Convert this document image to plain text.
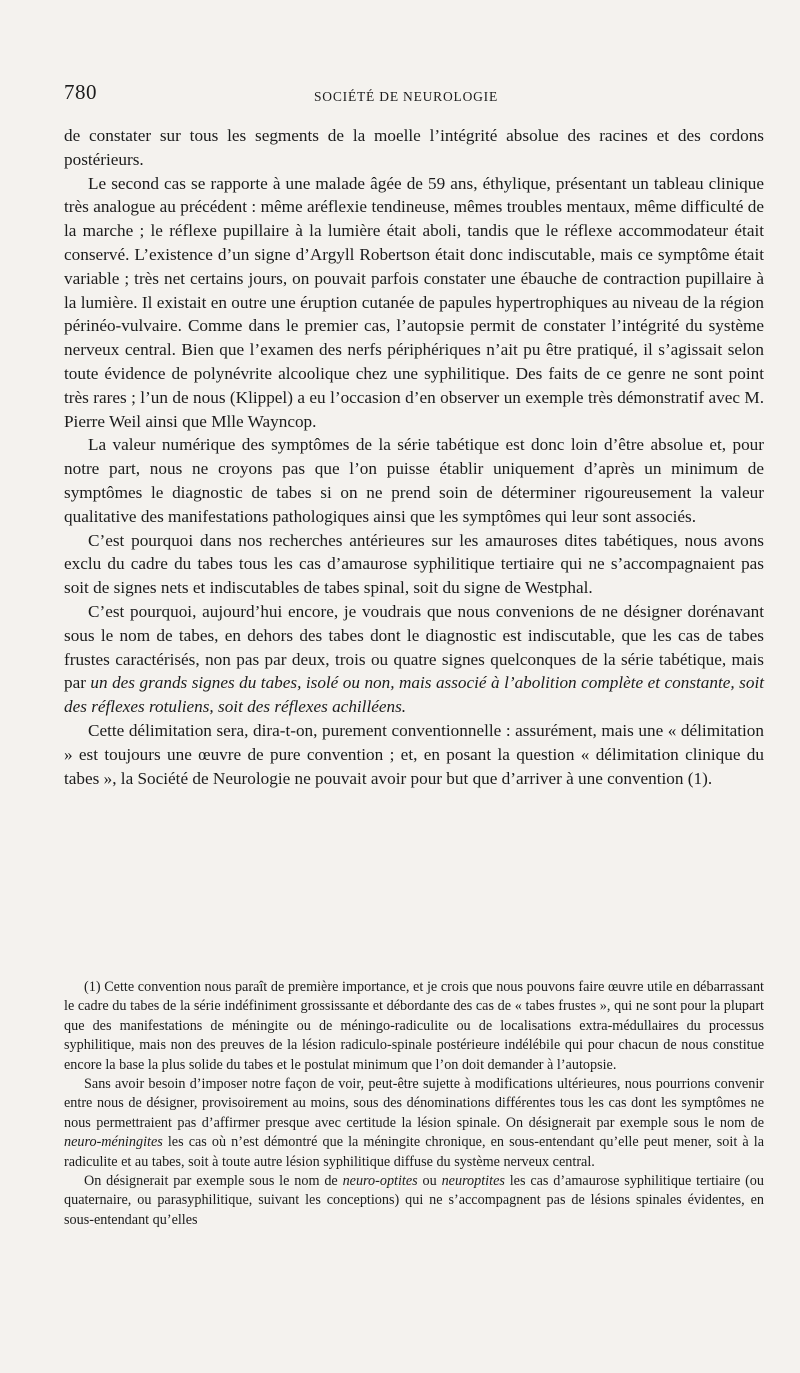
780	SOCIÉTÉ DE NEUROLOGIE

de constater sur tous les segments de la moelle l’intégrité absolue des racines et des cordons postérieurs.

Le second cas se rapporte à une malade âgée de 59 ans, éthylique, présentant un tableau clinique très analogue au précédent : même aréflexie tendineuse, mêmes troubles mentaux, même difficulté de la marche ; le réflexe pupillaire à la lumière était aboli, tandis que le réflexe accommodateur était conservé. L’existence d’un signe d’Argyll Robertson était donc indiscutable, mais ce symptôme était variable ; très net certains jours, on pouvait parfois constater une ébauche de contraction pupillaire à la lumière. Il existait en outre une éruption cutanée de papules hypertrophiques au niveau de la région périnéo-vulvaire. Comme dans le premier cas, l’autopsie permit de constater l’intégrité du système nerveux central. Bien que l’examen des nerfs périphériques n’ait pu être pratiqué, il s’agissait selon toute évidence de polynévrite alcoolique chez une syphilitique. Des faits de ce genre ne sont point très rares ; l’un de nous (Klippel) a eu l’occasion d’en observer un exemple très démonstratif avec M. Pierre Weil ainsi que Mlle Wayncop.

La valeur numérique des symptômes de la série tabétique est donc loin d’être absolue et, pour notre part, nous ne croyons pas que l’on puisse établir uniquement d’après un minimum de symptômes le diagnostic de tabes si on ne prend soin de déterminer rigoureusement la valeur qualitative des manifestations pathologiques ainsi que les symptômes qui leur sont associés.

C’est pourquoi dans nos recherches antérieures sur les amauroses dites tabétiques, nous avons exclu du cadre du tabes tous les cas d’amaurose syphilitique tertiaire qui ne s’accompagnaient pas soit de signes nets et indiscutables de tabes spinal, soit du signe de Westphal.

C’est pourquoi, aujourd’hui encore, je voudrais que nous convenions de ne désigner dorénavant sous le nom de tabes, en dehors des tabes dont le diagnostic est indiscutable, que les cas de tabes frustes caractérisés, non pas par deux, trois ou quatre signes quelconques de la série tabétique, mais par un des grands signes du tabes, isolé ou non, mais associé à l’abolition complète et constante, soit des réflexes rotuliens, soit des réflexes achilléens.

Cette délimitation sera, dira-t-on, purement conventionnelle : assurément, mais une « délimitation » est toujours une œuvre de pure convention ; et, en posant la question « délimitation clinique du tabes », la Société de Neurologie ne pouvait avoir pour but que d’arriver à une convention (1).

(1) Cette convention nous paraît de première importance, et je crois que nous pouvons faire œuvre utile en débarrassant le cadre du tabes de la série indéfiniment grossissante et débordante des cas de « tabes frustes », qui ne sont pour la plupart que des manifestations de méningite ou de méningo-radiculite ou de localisations extra-médullaires du processus syphilitique, mais non des preuves de la lésion radiculo-spinale postérieure indélébile qui pour chacun de nous constitue encore la base la plus solide du tabes et le postulat minimum que l’on doit demander à l’autopsie.

Sans avoir besoin d’imposer notre façon de voir, peut-être sujette à modifications ultérieures, nous pourrions convenir entre nous de désigner, provisoirement au moins, sous des dénominations différentes tous les cas dont les symptômes ne nous permettraient pas d’affirmer presque avec certitude la lésion spinale. On désignerait par exemple sous le nom de neuro-méningites les cas où n’est démontré que la méningite chronique, en sous-entendant qu’elle peut mener, soit à la radiculite et au tabes, soit à toute autre lésion syphilitique diffuse du système nerveux central.

On désignerait par exemple sous le nom de neuro-optites ou neuroptites les cas d’amaurose syphilitique tertiaire (ou quaternaire, ou parasyphilitique, suivant les conceptions) qui ne s’accompagnent pas de lésions spinales évidentes, en sous-entendant qu’elles
